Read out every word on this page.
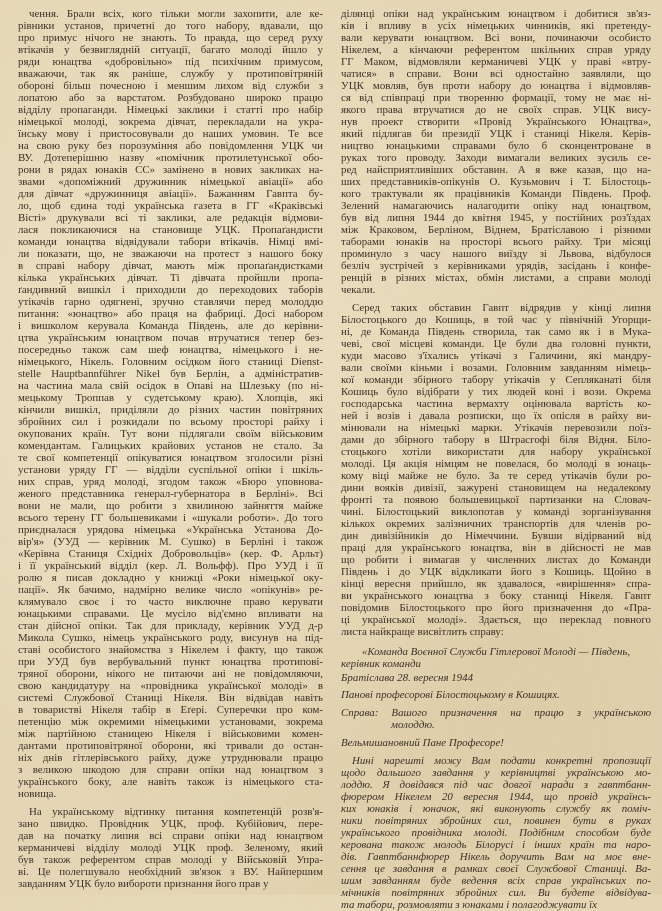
чення. Брали всіх, кого тільки могли захопити, але ке-
рівники установ, причетні до того набору, вдавали, що
про примус нічого не знають. То правда, що серед руху
втікачів у безвиглядній ситуації, багато молоді йшло у
ряди юнацтва «добровільно» під психічним примусом,
вважаючи, так як раніше, службу у протиповітряній
обороні більш почесною і меншим лихом від служби з
лопатою або за варстатом. Розбудовано широко працю
відділу пропаганди. Німецькі заклики і статті про набір
німецької молоді, зокрема дівчат, перекладали на укра-
їнську мову і пристосовували до наших умовин. Те все
на свою руку без порозуміння або повідомлення УЦК чи
ВУ. Дотеперішню назву «помічник протилетунської обо-
рони в рядах юнаків СС» замінено в нових закликах на-
звами «допоміжний дружинник німецької авіації» або
для дівчат «дружинниця авіації». Бажанням Гавпта бу-
ло, щоб єдина тоді українська газета в ГГ «Краківські
Вісті» друкували всі ті заклики, але редакція відмови-
лася покликаючися на становище УЦК. Пропаґандисти
команди юнацтва відвідували табори втікачів. Німці вмі-
ли показати, що, не зважаючи на протест з нашого боку
в справі набору дівчат, мають між пропаґандистками
кілька українських дівчат. Ті дівчата пройшли пропа-
ґандивний вишкіл і приходили до переходових таборів
утікачів гарно одягнені, зручно ставлячи перед молоддю
питання: «юнацтво» або праця на фабриці. Досі набором
і вишколом керувала Команда Південь, але до керівни-
цтва українським юнацтвом почав втручатися тепер без-
посередньо також сам шеф юнацтва, німецького і не-
німецького, Нікель. Головним осідком його станиці Dienst-
stelle Hauptbannführer Nikel був Берлін, а адміністратив-
на частина мала свій осідок в Опаві на Шлезьку (по ні-
мецькому Троппав у судетському краю). Хлопців, які
кінчили вишкіл, приділяли до різних частин повітряних
збройних сил і розкидали по всьому просторі райху і
окупованих країн. Тут вони підлягали своїм військовим
комендантам. Галицьких крайових установ не стало. За
те свої компетенції опікуватися юнацтвом зголосили різні
установи уряду ГГ — відділи суспільної опіки і шкіль-
них справ, уряд молоді, згодом також «Бюро уповнова-
женого представника генерал-губернатора в Берліні». Всі
вони не мали, що робити з хвилиною зайняття майже
всього терену ГГ большевиками і «шукали роботи». До того
приєдналася урядова німецька «Українська Установа До-
вір'я» (УУД — керівник М. Сушко) в Берліні і також
«Керівна Станиця Східніх Добровольців» (кер. Ф. Арльт)
і її український відділ (кер. Л. Вольфф). Про УУД і її
ролю я писав докладно у книжці «Роки німецької оку-
пації». Як бачимо, надмірно велике число «опікунів» ре-
клямувало своє і то часто виключне право керувати
юнацькими справами. Це мусіло від'ємно впливати на
стан дійсної опіки. Так для прикладу, керівник УУД д-р
Микола Сушко, німець українського роду, висунув на під-
ставі особистого знайомства з Нікелем і факту, що також
при УУД був вербувальний пункт юнацтва протипові-
тряної оборони, нікого не питаючи ані не повідомляючи,
свою кандидатуру на «провідника української молоді» в
системі Службової Станиці Нікеля. Він відвідав навіть
в товаристві Нікеля табір в Еґері. Суперечки про ком-
петенцію між окремими німецькими установами, зокрема
між партійною станицею Нікеля і військовими комен-
дантами протиповітряної оборони, які тривали до остан-
ніх днів гітлерівського райху, дуже утруднювали працю
з великою шкодою для справи опіки над юнацтвом з
українського боку, але навіть також із німецького ста-
новища.
На українському відтинку питання компетенцій розв'я-
зано швидко. Провідник УЦК, проф. Кубійович, пере-
дав на початку липня всі справи опіки над юнацтвом
керманичеві відділу молоді УЦК проф. Зеленому, який
був також референтом справ молоді у Військовій Упра-
ві. Це полегшувало необхідний зв'язок з ВУ. Найпершим
завданням УЦК було вибороти признання його прав у
ділянці опіки над українським юнацтвом і добитися зв'яз-
ків і впливу в усіх німецьких чинників, які претенду-
вали керувати юнацтвом. Всі вони, починаючи особисто
Нікелем, а кінчаючи референтом шкільних справ уряду
ГГ Маком, відмовляли керманичеві УЦК у праві «втру-
чатися» в справи. Вони всі одностайно заявляли, що
УЦК мовляв, був проти набору до юнацтва і відмовляв-
ся від співпраці при творенню формації, тому не має ні-
якого права втручатися до не своїх справ. УЦК вису-
нув проект створити «Провід Українського Юнацтва»,
який підлягав би президії УЦК і станиці Нікеля. Керів-
ництво юнацькими справами було б сконцентроване в
руках того проводу. Заходи вимагали великих зусиль се-
ред найсприятливіших обставин. А я вже казав, що на-
ших представників-опікунів О. Кузьмович і Т. Білостоць-
кого трактували як працівників Команди Південь. Проф.
Зелений намагаючись налагодити опіку над юнацтвом,
був від липня 1944 до квітня 1945, у постійних роз'їздах
між Краковом, Берліном, Віднем, Братіславою і різними
таборами юнаків на просторі всього райху. Три місяці
проминуло з часу нашого виїзду зі Львова, відбулося
безліч зустрічей з керівниками урядів, засідань і конфе-
ренцій в різних містах, обмін листами, а справи молоді
чекали.
Серед таких обставин Гавпт відрядив у кінці липня
Білостоцького до Кошиць, в той час у північній Угорщи-
ні, де Команда Південь створила, так само як і в Мука-
чеві, свої місцеві команди. Це були два головні пункти,
куди масово з'їхались утікачі з Галичини, які мандру-
вали своїми кіньми і возами. Головним завданням німець-
кої команди збірного табору утікачів у Сепляканаті біля
Кошиць було відібрати у тих людей коні і вози. Окрема
господарська частина вермахту оцінювала вартість ко-
ней і возів і давала розписки, що їх опісля в райху ви-
мінювали на німецькі марки. Утікачів перевозили поїз-
дами до збірного табору в Штрасгофі біля Відня. Біло-
стоцького хотіли використати для набору української
молоді. Ця акція німцям не повелася, бо молоді в юнаць-
кому віці майже не було. За те серед утікачів були ро-
дини вояків дивізії, зажурені становищем на недалекому
фронті та появою большевицької партизанки на Словач-
чині. Білостоцький виклопотав у команді зорганізування
кількох окремих залізничних транспортів для членів ро-
дин дивізійників до Німеччини. Бувши відірваний від
праці для українського юнацтва, він в дійсності не мав
що робити і вимагав у численних листах до Команди
Південь і до УЦК відкликати його з Кошиць. Щойно в
кінці вересня прийшло, як здавалося, «вирішення» спра-
ви українського юнацтва з боку станиці Нікеля. Гавпт
повідомив Білостоцького про його призначення до «Пра-
ці української молоді». Здається, що переклад повного
листа найкраще висвітлить справу:
«Команда Воєнної Служби Гітлерової Молоді — Південь,
керівник команди
Братіслава 28. вересня 1944
Панові професорові Білостоцькому в Кошицях.
Справа: Вашого призначення на працю з українською
молоддю.
Вельмишановний Пане Професоре!
Нині нарешті можу Вам подати конкретні пропозиції
щодо дальшого завдання у керівництві українською мо-
лоддю. Я довідався під час довгої наради з гавптбанн-
фюрером Нікелем 20 вересня 1944, що провід українсь-
ких юнаків і юначок, які виконують службу як поміч-
ники повітряних збройних сил, повинен бути в руках
українського провідника молоді. Подібним способом буде
керована також молодь Білорусі і інших країн та наро-
дів. Гавптбаннфюрер Нікель доручить Вам на моє вне-
сення це завдання в рамках своєї Службової Станиці. Ва-
шим завданням буде ведення всіх справ українських по-
мічників повітряних збройних сил. Ви будете відвідува-
та табори, розмовляти з юнаками і полагоджувати їх
